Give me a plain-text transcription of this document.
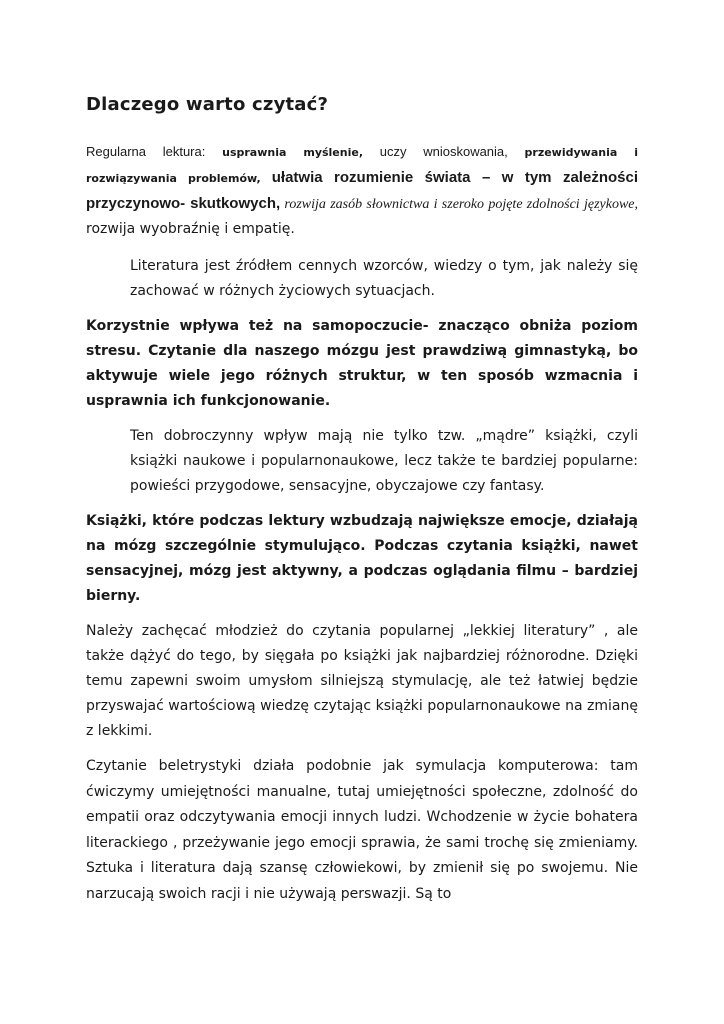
Dlaczego warto czytać?

Regularna lektura: usprawnia myślenie, uczy wnioskowania, przewidywania i rozwiązywania problemów, ułatwia rozumienie świata – w tym zależności przyczynowo- skutkowych, rozwija zasób słownictwa i szeroko pojęte zdolności językowe, rozwija wyobraźnię i empatię.

Literatura jest źródłem cennych wzorców, wiedzy o tym, jak należy się zachować w różnych życiowych sytuacjach.

Korzystnie wpływa też na samopoczucie- znacząco obniża poziom stresu. Czytanie dla naszego mózgu jest prawdziwą gimnastyką, bo aktywuje wiele jego różnych struktur, w ten sposób wzmacnia i usprawnia ich funkcjonowanie.

Ten dobroczynny wpływ mają nie tylko tzw. „mądre” książki, czyli książki naukowe i popularnonaukowe, lecz także te bardziej popularne: powieści przygodowe, sensacyjne, obyczajowe czy fantasy.

Książki, które podczas lektury wzbudzają największe emocje, działają na mózg szczególnie stymulująco. Podczas czytania książki, nawet sensacyjnej, mózg jest aktywny, a podczas oglądania filmu – bardziej bierny.

Należy zachęcać młodzież do czytania popularnej „lekkiej literatury” , ale także dążyć do tego, by sięgała po książki jak najbardziej różnorodne. Dzięki temu zapewni swoim umysłom silniejszą stymulację, ale też łatwiej będzie przyswajać wartościową wiedzę czytając książki popularnonaukowe na zmianę z lekkimi.

Czytanie beletrystyki działa podobnie jak symulacja komputerowa: tam ćwiczymy umiejętności manualne, tutaj umiejętności społeczne, zdolność do empatii oraz odczytywania emocji innych ludzi. Wchodzenie w życie bohatera literackiego , przeżywanie jego emocji sprawia, że sami trochę się zmieniamy. Sztuka i literatura dają szansę człowiekowi, by zmienił się po swojemu. Nie narzucają swoich racji i nie używają perswazji. Są to
